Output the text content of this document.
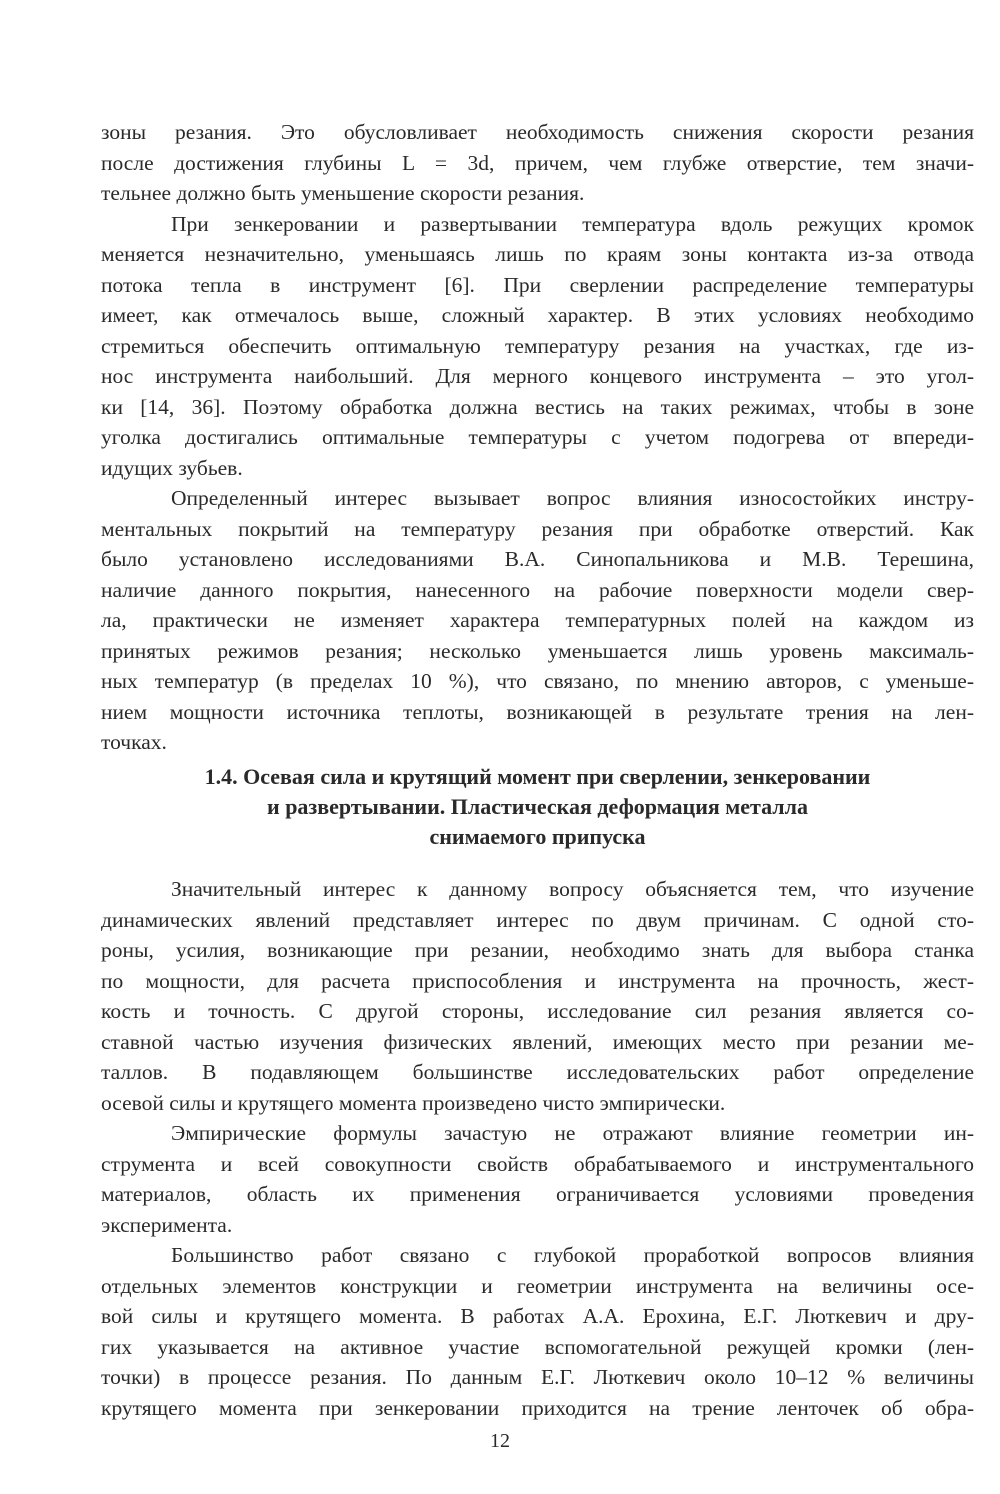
зоны резания. Это обусловливает необходимость снижения скорости резания
после достижения глубины L = 3d, причем, чем глубже отверстие, тем значи-
тельнее должно быть уменьшение скорости резания.
При зенкеровании и развертывании температура вдоль режущих кромок
меняется незначительно, уменьшаясь лишь по краям зоны контакта из-за отвода
потока тепла в инструмент [6]. При сверлении распределение температуры
имеет, как отмечалось выше, сложный характер. В этих условиях необходимо
стремиться обеспечить оптимальную температуру резания на участках, где из-
нос инструмента наибольший. Для мерного концевого инструмента – это угол-
ки [14, 36]. Поэтому обработка должна вестись на таких режимах, чтобы в зоне
уголка достигались оптимальные температуры с учетом подогрева от впереди-
идущих зубьев.
Определенный интерес вызывает вопрос влияния износостойких инстру-
ментальных покрытий на температуру резания при обработке отверстий. Как
было установлено исследованиями В.А. Синопальникова и М.В. Терешина,
наличие данного покрытия, нанесенного на рабочие поверхности модели свер-
ла, практически не изменяет характера температурных полей на каждом из
принятых режимов резания; несколько уменьшается лишь уровень максималь-
ных температур (в пределах 10 %), что связано, по мнению авторов, с уменьше-
нием мощности источника теплоты, возникающей в результате трения на лен-
точках.
1.4. Осевая сила и крутящий момент при сверлении, зенкеровании
и развертывании. Пластическая деформация металла
снимаемого припуска
Значительный интерес к данному вопросу объясняется тем, что изучение
динамических явлений представляет интерес по двум причинам. С одной сто-
роны, усилия, возникающие при резании, необходимо знать для выбора станка
по мощности, для расчета приспособления и инструмента на прочность, жест-
кость и точность. С другой стороны, исследование сил резания является со-
ставной частью изучения физических явлений, имеющих место при резании ме-
таллов. В подавляющем большинстве исследовательских работ определение
осевой силы и крутящего момента произведено чисто эмпирически.
Эмпирические формулы зачастую не отражают влияние геометрии ин-
струмента и всей совокупности свойств обрабатываемого и инструментального
материалов, область их применения ограничивается условиями проведения
эксперимента.
Большинство работ связано с глубокой проработкой вопросов влияния
отдельных элементов конструкции и геометрии инструмента на величины осе-
вой силы и крутящего момента. В работах А.А. Ерохина, Е.Г. Люткевич и дру-
гих указывается на активное участие вспомогательной режущей кромки (лен-
точки) в процессе резания. По данным Е.Г. Люткевич около 10–12 % величины
крутящего момента при зенкеровании приходится на трение ленточек об обра-
12
